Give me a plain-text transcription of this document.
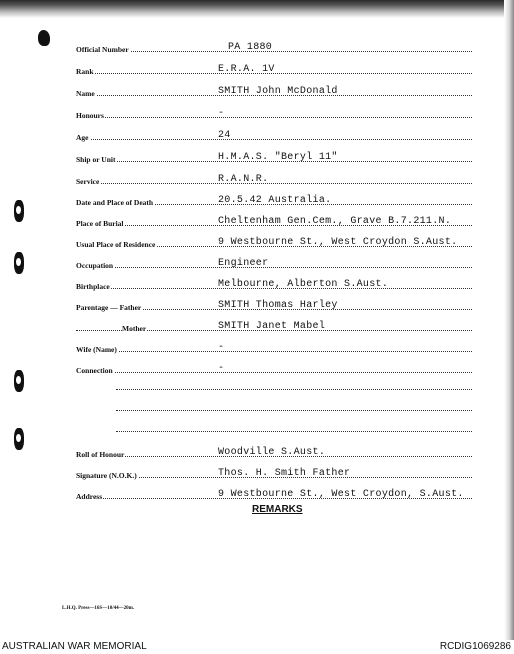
Official Number	PA 1880
Rank	E.R.A. 1V
Name	SMITH John McDonald
Honours	-
Age	24
Ship or Unit	H.M.A.S. "Beryl 11"
Service	R.A.N.R.
Date and Place of Death	20.5.42 Australia.
Place of Burial	Cheltenham Gen.Cem., Grave B.7.211.N.
Usual Place of Residence	9 Westbourne St., West Croydon S.Aust.
Occupation	Engineer
Birthplace	Melbourne, Alberton S.Aust.
Parentage — Father	SMITH Thomas Harley
Mother	SMITH Janet Mabel
Wife (Name)	-
Connection	-
Roll of Honour	Woodville S.Aust.
Signature (N.O.K.)	Thos. H. Smith Father
Address	9 Westbourne St., West Croydon, S.Aust.
REMARKS
L.H.Q. Press—16S—10/44—20m.
AUSTRALIAN WAR MEMORIAL	RCDIG1069286
